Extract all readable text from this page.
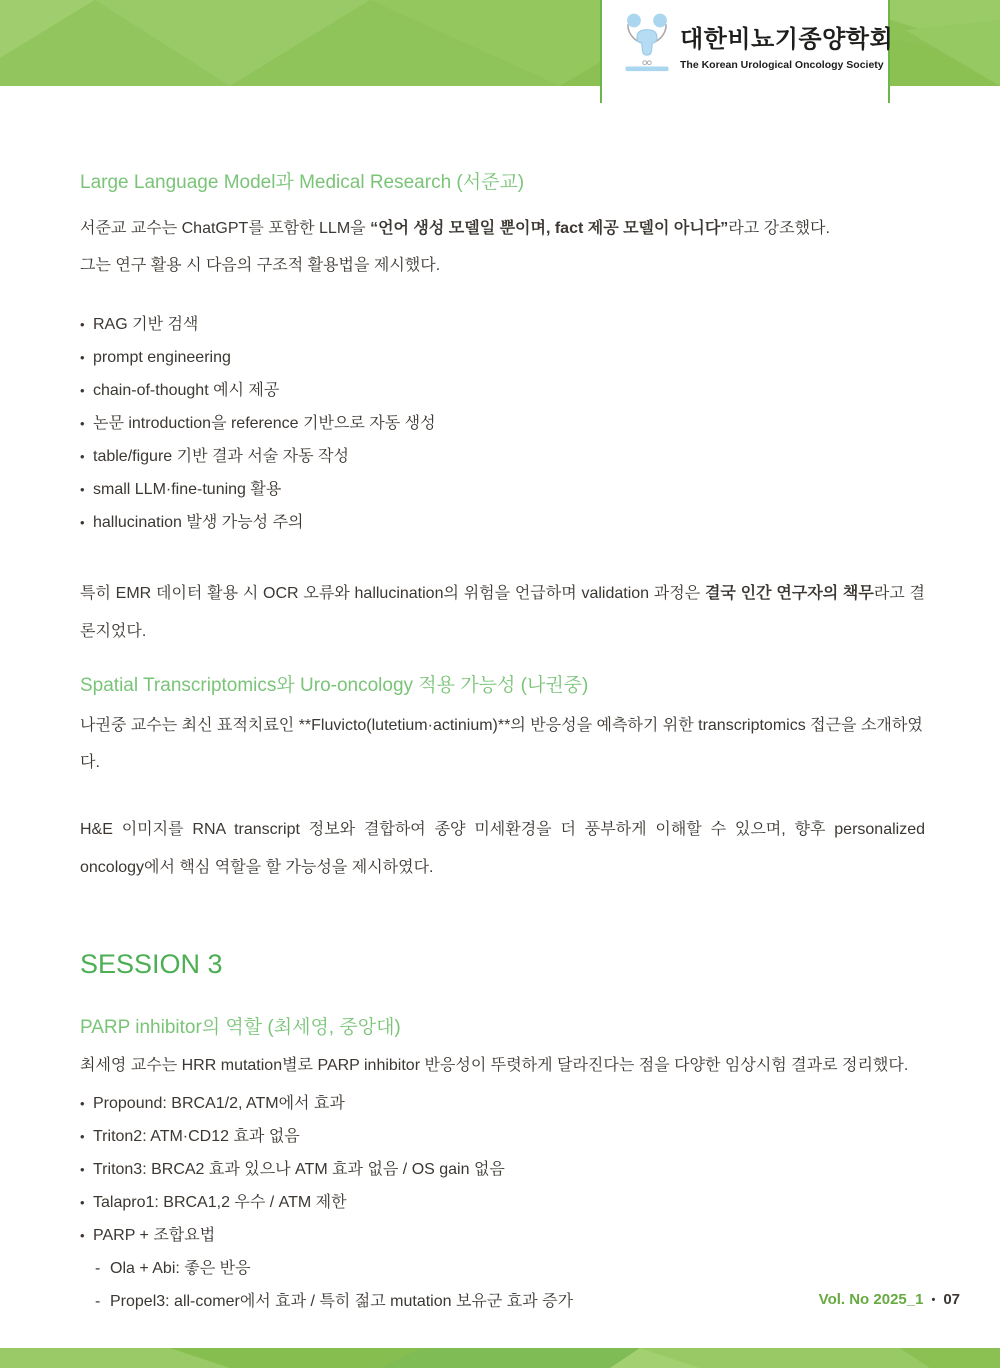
대한비뇨기종양학회
The Korean Urological Oncology Society
Large Language Model과 Medical Research (서준교)

서준교 교수는 ChatGPT를 포함한 LLM을 “언어 생성 모델일 뿐이며, fact 제공 모델이 아니다”라고 강조했다.

그는 연구 활용 시 다음의 구조적 활용법을 제시했다.

• RAG 기반 검색
• prompt engineering
• chain-of-thought 예시 제공
• 논문 introduction을 reference 기반으로 자동 생성
• table/figure 기반 결과 서술 자동 작성
• small LLM·fine-tuning 활용
• hallucination 발생 가능성 주의

특히 EMR 데이터 활용 시 OCR 오류와 hallucination의 위험을 언급하며 validation 과정은 결국 인간 연구자의 책무라고 결론지었다.

Spatial Transcriptomics와 Uro-oncology 적용 가능성 (나권중)

나권중 교수는 최신 표적치료인 **Fluvicto(lutetium·actinium)**의 반응성을 예측하기 위한 transcriptomics 접근을 소개하였다.

H&E 이미지를 RNA transcript 정보와 결합하여 종양 미세환경을 더 풍부하게 이해할 수 있으며, 향후 personalized oncology에서 핵심 역할을 할 가능성을 제시하였다.

SESSION 3
PARP inhibitor의 역할 (최세영, 중앙대)

최세영 교수는 HRR mutation별로 PARP inhibitor 반응성이 뚜렷하게 달라진다는 점을 다양한 임상시험 결과로 정리했다.

• Propound: BRCA1/2, ATM에서 효과
• Triton2: ATM·CD12 효과 없음
• Triton3: BRCA2 효과 있으나 ATM 효과 없음 / OS gain 없음
• Talapro1: BRCA1,2 우수 / ATM 제한
• PARP + 조합요법
- Ola + Abi: 좋은 반응
- Propel3: all-comer에서 효과 / 특히 젊고 mutation 보유군 효과 증가	Vol. No 2025_1 • 07
